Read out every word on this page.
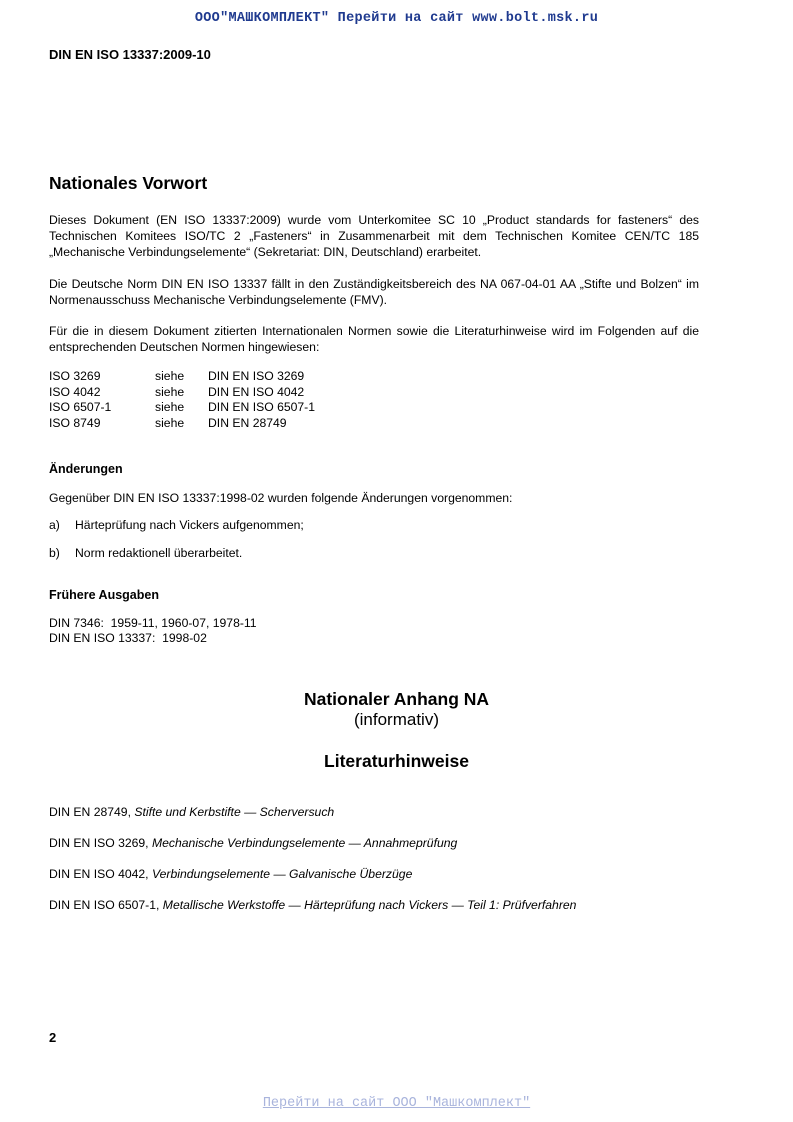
ООО"МАШКОМПЛЕКТ" Перейти на сайт www.bolt.msk.ru
DIN EN ISO 13337:2009-10
Nationales Vorwort
Dieses Dokument (EN ISO 13337:2009) wurde vom Unterkomitee SC 10 „Product standards for fasteners“ des Technischen Komitees ISO/TC 2 „Fasteners“ in Zusammenarbeit mit dem Technischen Komitee CEN/TC 185 „Mechanische Verbindungselemente“ (Sekretariat: DIN, Deutschland) erarbeitet.
Die Deutsche Norm DIN EN ISO 13337 fällt in den Zuständigkeitsbereich des NA 067-04-01 AA „Stifte und Bolzen“ im Normenausschuss Mechanische Verbindungselemente (FMV).
Für die in diesem Dokument zitierten Internationalen Normen sowie die Literaturhinweise wird im Folgenden auf die entsprechenden Deutschen Normen hingewiesen:
ISO 3269	siehe	DIN EN ISO 3269
ISO 4042	siehe	DIN EN ISO 4042
ISO 6507-1	siehe	DIN EN ISO 6507-1
ISO 8749	siehe	DIN EN 28749
Änderungen
Gegenüber DIN EN ISO 13337:1998-02 wurden folgende Änderungen vorgenommen:
a) Härteprüfung nach Vickers aufgenommen;
b) Norm redaktionell überarbeitet.
Frühere Ausgaben
DIN 7346:  1959-11, 1960-07, 1978-11
DIN EN ISO 13337:  1998-02
Nationaler Anhang NA
(informativ)
Literaturhinweise
DIN EN 28749, Stifte und Kerbstifte — Scherversuch
DIN EN ISO 3269, Mechanische Verbindungselemente — Annahmeprüfung
DIN EN ISO 4042, Verbindungselemente — Galvanische Überzüge
DIN EN ISO 6507-1, Metallische Werkstoffe — Härteprüfung nach Vickers — Teil 1: Prüfverfahren
2
Перейти на сайт ООО "Машкомплект"
